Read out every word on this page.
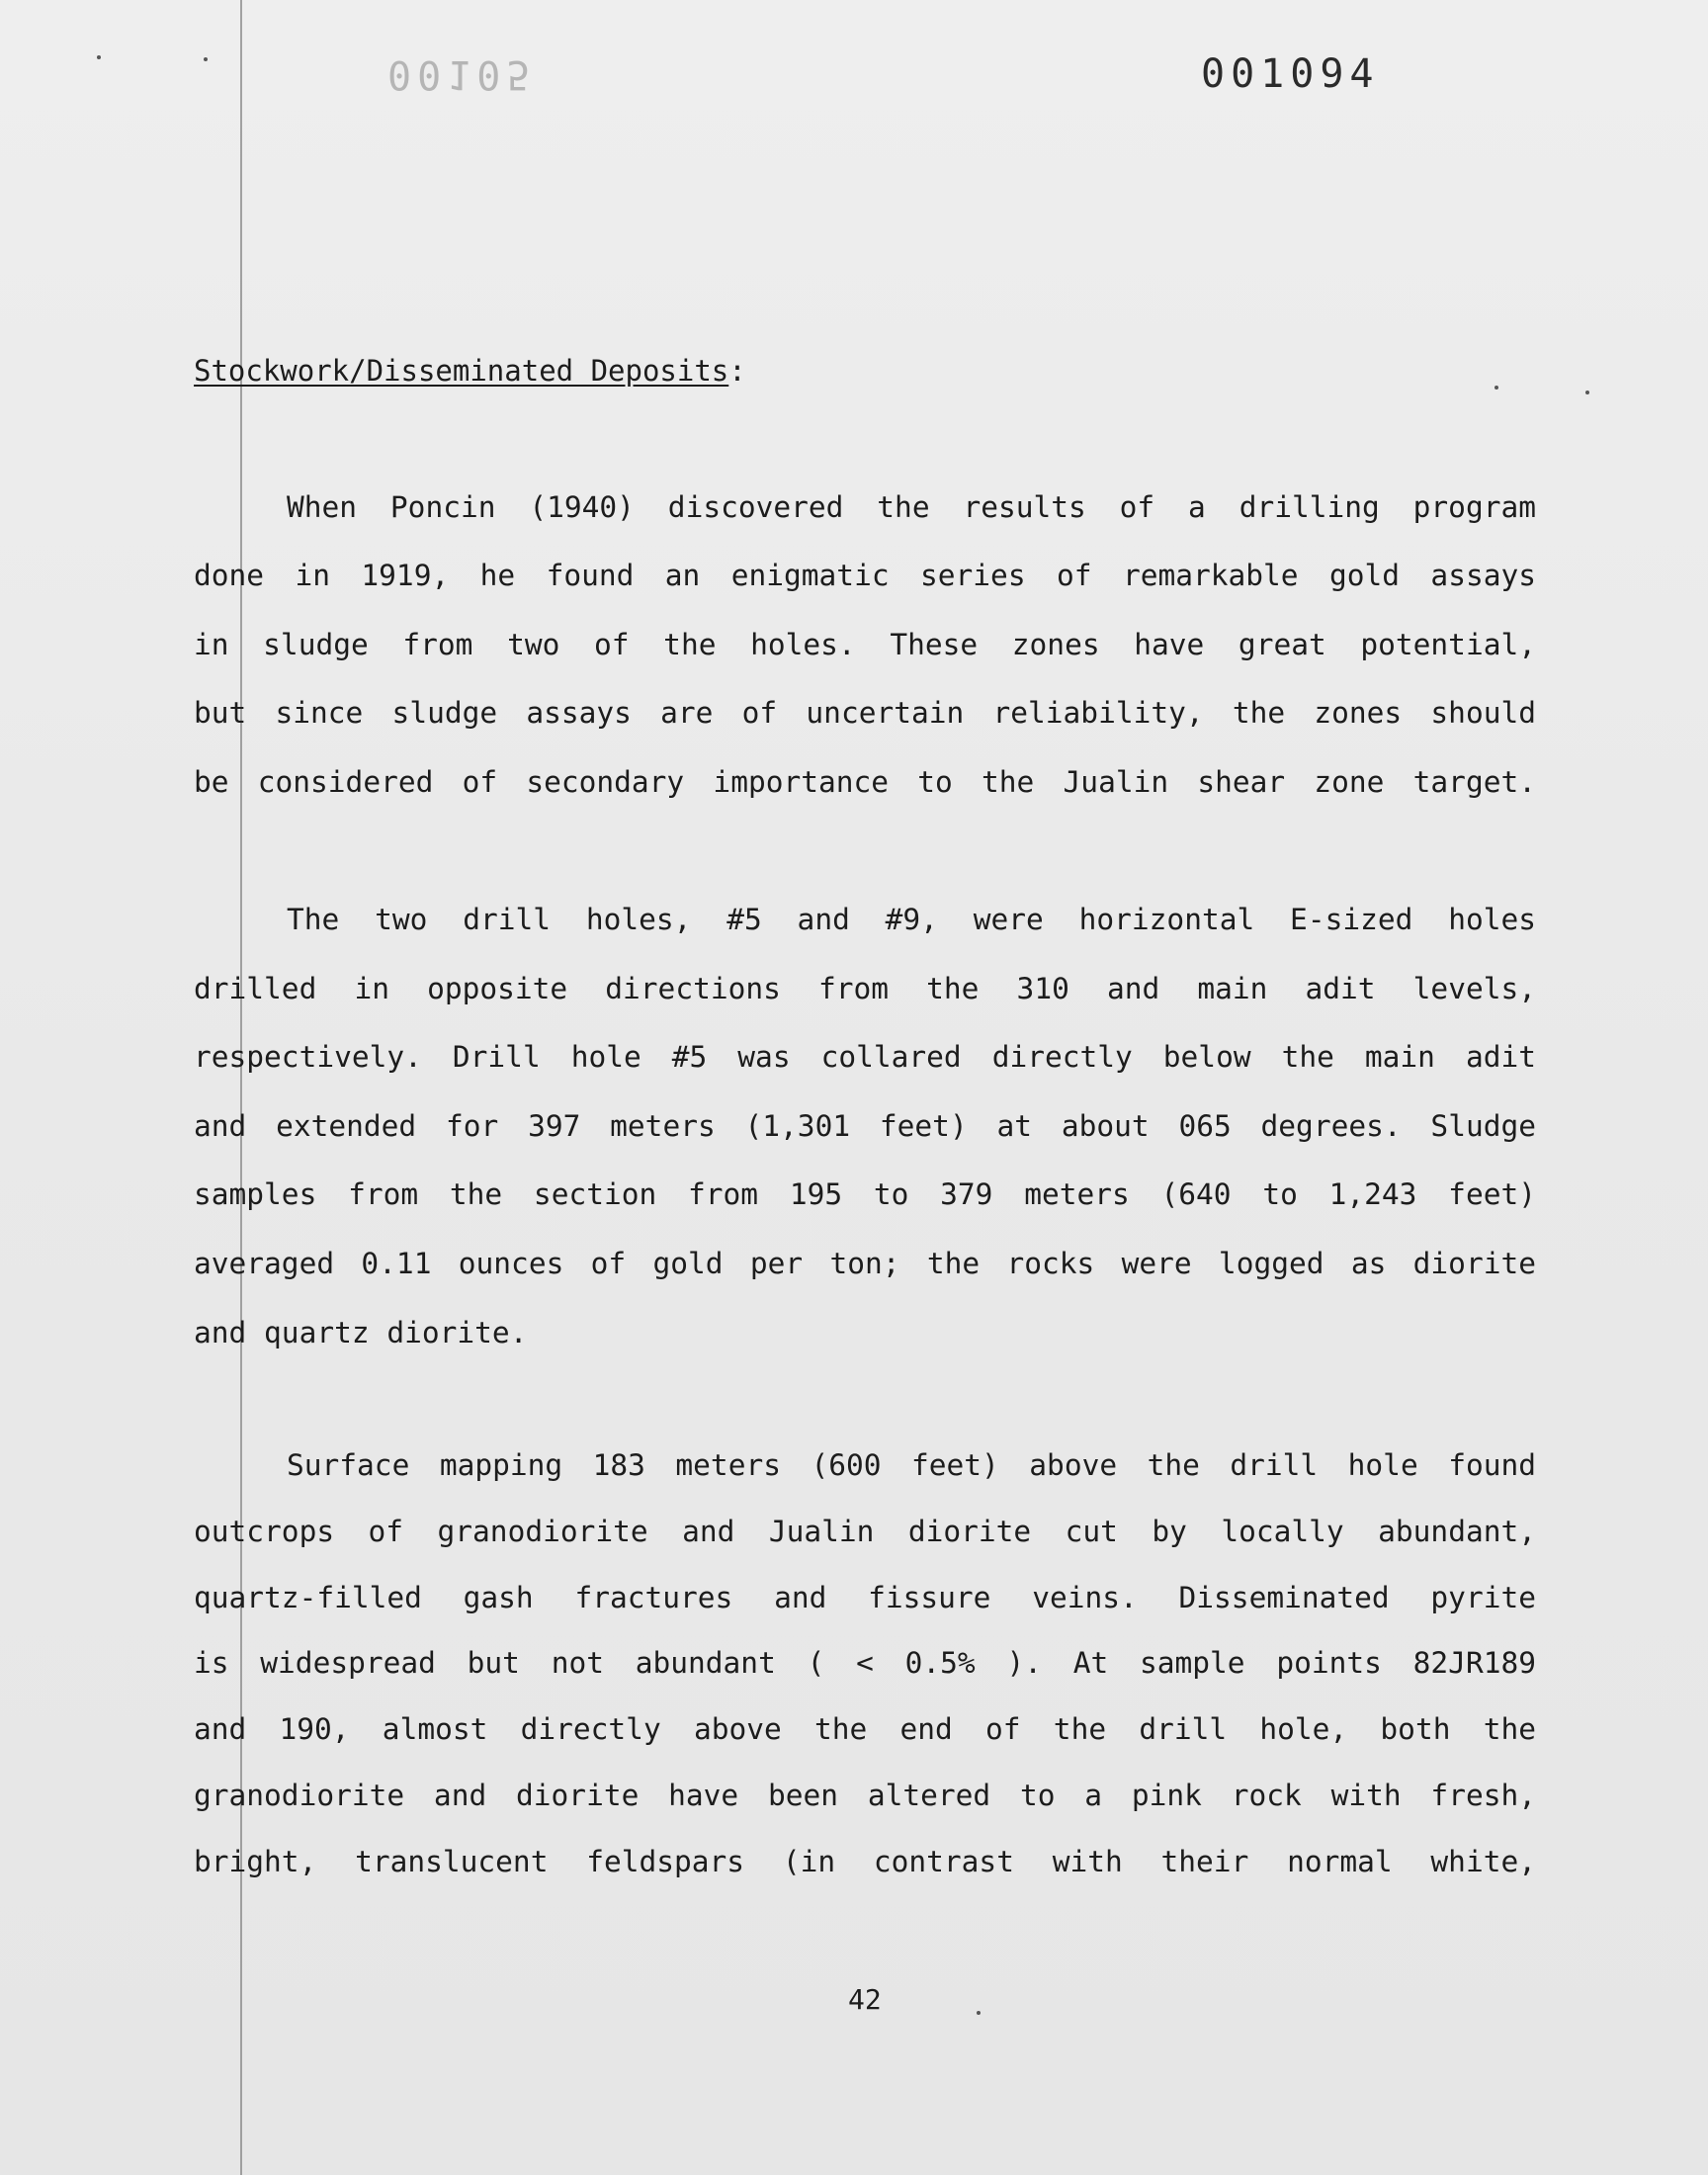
00105	001094
Stockwork/Disseminated Deposits:
When Poncin (1940) discovered the results of a drilling program
done in 1919, he found an enigmatic series of remarkable gold assays
in sludge from two of the holes. These zones have great potential,
but since sludge assays are of uncertain reliability, the zones should
be considered of secondary importance to the Jualin shear zone target.
The two drill holes, #5 and #9, were horizontal E-sized holes
drilled in opposite directions from the 310 and main adit levels,
respectively. Drill hole #5 was collared directly below the main adit
and extended for 397 meters (1,301 feet) at about 065 degrees. Sludge
samples from the section from 195 to 379 meters (640 to 1,243 feet)
averaged 0.11 ounces of gold per ton; the rocks were logged as diorite
and quartz diorite.
Surface mapping 183 meters (600 feet) above the drill hole found
outcrops of granodiorite and Jualin diorite cut by locally abundant,
quartz-filled gash fractures and fissure veins. Disseminated pyrite
is widespread but not abundant ( < 0.5% ). At sample points 82JR189
and 190, almost directly above the end of the drill hole, both the
granodiorite and diorite have been altered to a pink rock with fresh,
bright, translucent feldspars (in contrast with their normal white,
42
